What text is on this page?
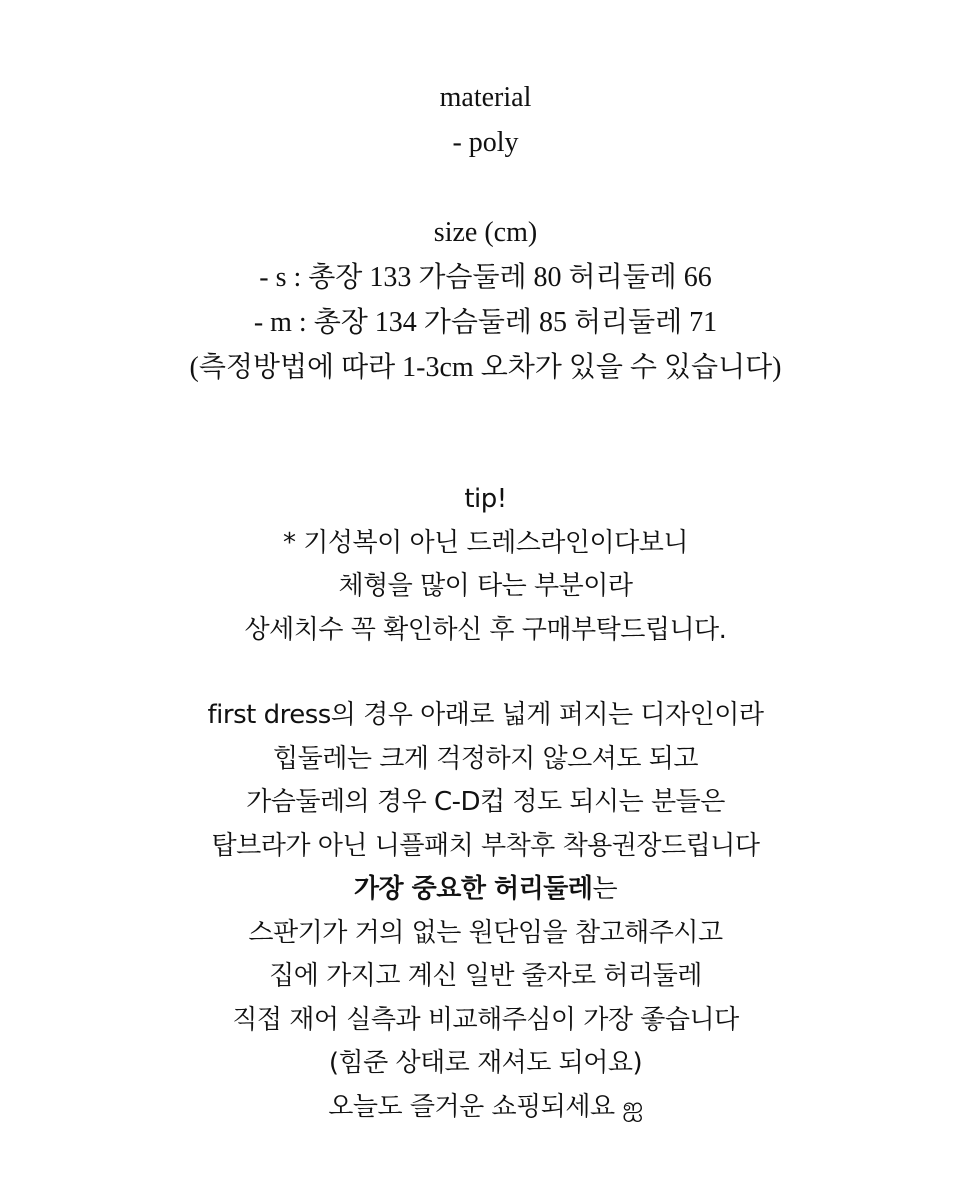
material
- poly
size (cm)
- s : 총장 133 가슴둘레 80 허리둘레 66
- m : 총장 134 가슴둘레 85 허리둘레 71
(측정방법에 따라 1-3cm 오차가 있을 수 있습니다)
tip!
* 기성복이 아닌 드레스라인이다보니
체형을 많이 타는 부분이라
상세치수 꼭 확인하신 후 구매부탁드립니다.
first dress의 경우 아래로 넓게 퍼지는 디자인이라
힙둘레는 크게 걱정하지 않으셔도 되고
가슴둘레의 경우 C-D컵 정도 되시는 분들은
탑브라가 아닌 니플패치 부착후 착용권장드립니다
가장 중요한 허리둘레는
스판기가 거의 없는 원단임을 참고해주시고
집에 가지고 계신 일반 줄자로 허리둘레
직접 재어 실측과 비교해주심이 가장 좋습니다
(힘준 상태로 재셔도 되어요)
오늘도 즐거운 쇼핑되세요 ஐ
